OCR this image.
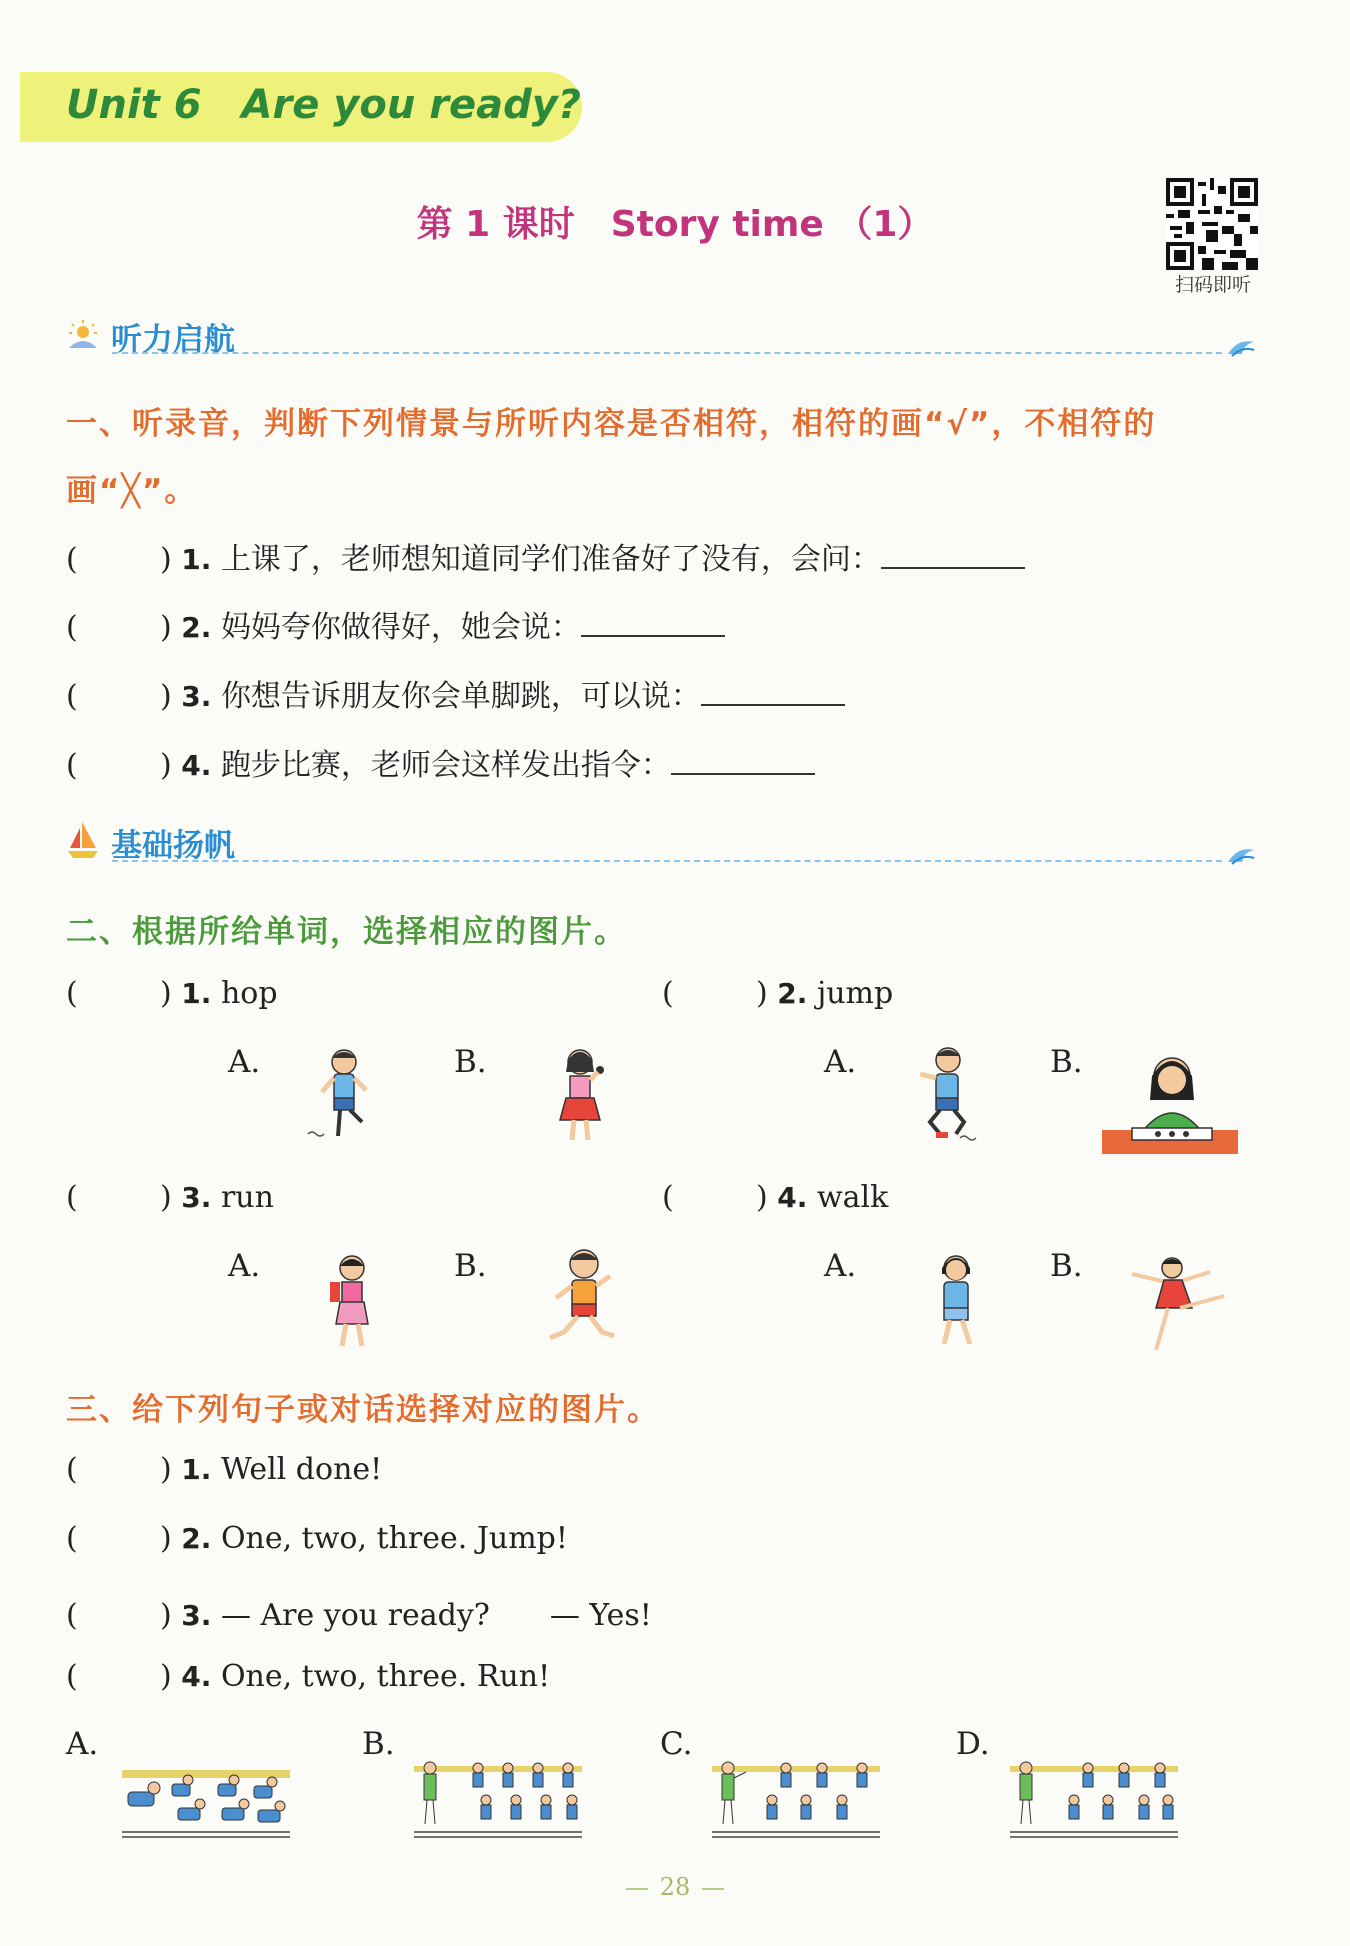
Unit 6 Are you ready?
第 1 课时　Story time （1）
扫码即听
听力启航
一、听录音，判断下列情景与所听内容是否相符，相符的画“√”，不相符的
画“╳”。
(	) 1. 上课了，老师想知道同学们准备好了没有，会问：
(	) 2. 妈妈夸你做得好，她会说：
(	) 3. 你想告诉朋友你会单脚跳，可以说：
(	) 4. 跑步比赛，老师会这样发出指令：
基础扬帆
二、根据所给单词，选择相应的图片。
(	) 1. hop	(	) 2. jump
A.	B.	A.	B.
(	) 3. run	(	) 4. walk
A.	B.	A.	B.
三、给下列句子或对话选择对应的图片。
(	) 1. Well done!
(	) 2. One, two, three. Jump!
(	) 3. — Are you ready?　　— Yes!
(	) 4. One, two, three. Run!
A.	B.	C.	D.
28
